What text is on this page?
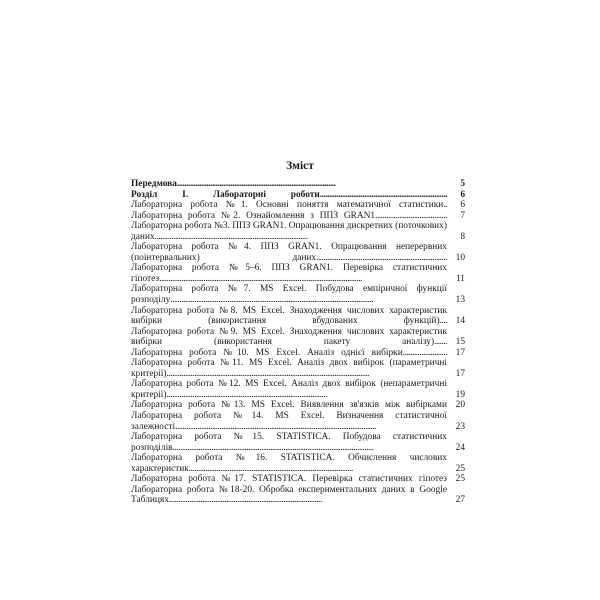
Зміст
Передмова......................................................................................	5
Розділ І. Лабораторні роботи.....................................................................	6
Лабораторна робота №1. Основні поняття математичної статистики..	6
Лабораторна робота №2. Ознайомлення з ППЗ GRAN1.......................................	7
Лабораторна робота №3. ППЗ GRAN1. Опрацювання дискретних (поточкових) даних...................................................................................	8
Лабораторна робота №4. ППЗ GRAN1. Опрацювання неперервних (поінтервальних) даних....................................................................... 10
Лабораторна робота №5–6. ППЗ GRAN1. Перевірка статистичних гіпотез..............................................................................................................	11
Лабораторна робота №7. MS Excel. Побудова емпіричної функції розподілу..............................................................................................................	13
Лабораторна робота №8. MS Excel. Знаходження числових характеристик вибірки (використання вбудованих функцій).... 14
Лабораторна робота №9. MS Excel. Знаходження числових характеристик вибірки (використання пакету аналізу)....... 15
Лабораторна робота №10. MS Excel. Аналіз однієї вибірки........................ 17
Лабораторна робота №11. MS Excel. Аналіз двох вибірок (параметричні критерії)..............................................................................................................	17
Лабораторна робота №12. MS Excel. Аналіз двох вибірок (непараметричні критерії).......................................................................................	19
Лабораторна робота №13. MS Excel. Виявлення зв'язків між вибірками 20
Лабораторна робота №14. MS Excel. Визначення статистичної залежності.............................................................................................................	23
Лабораторна робота №15. STATISTICA. Побудова статистичних розподілів.............................................................................................................	24
Лабораторна робота №16. STATISTICA. Обчислення числових характеристик.........................................................................................	25
Лабораторна робота №17. STATISTICA. Перевірка статистичних гіпотез 25
Лабораторна робота №18-20. Обробка експериментальних даних в Google Таблицях...................................................................................	27
